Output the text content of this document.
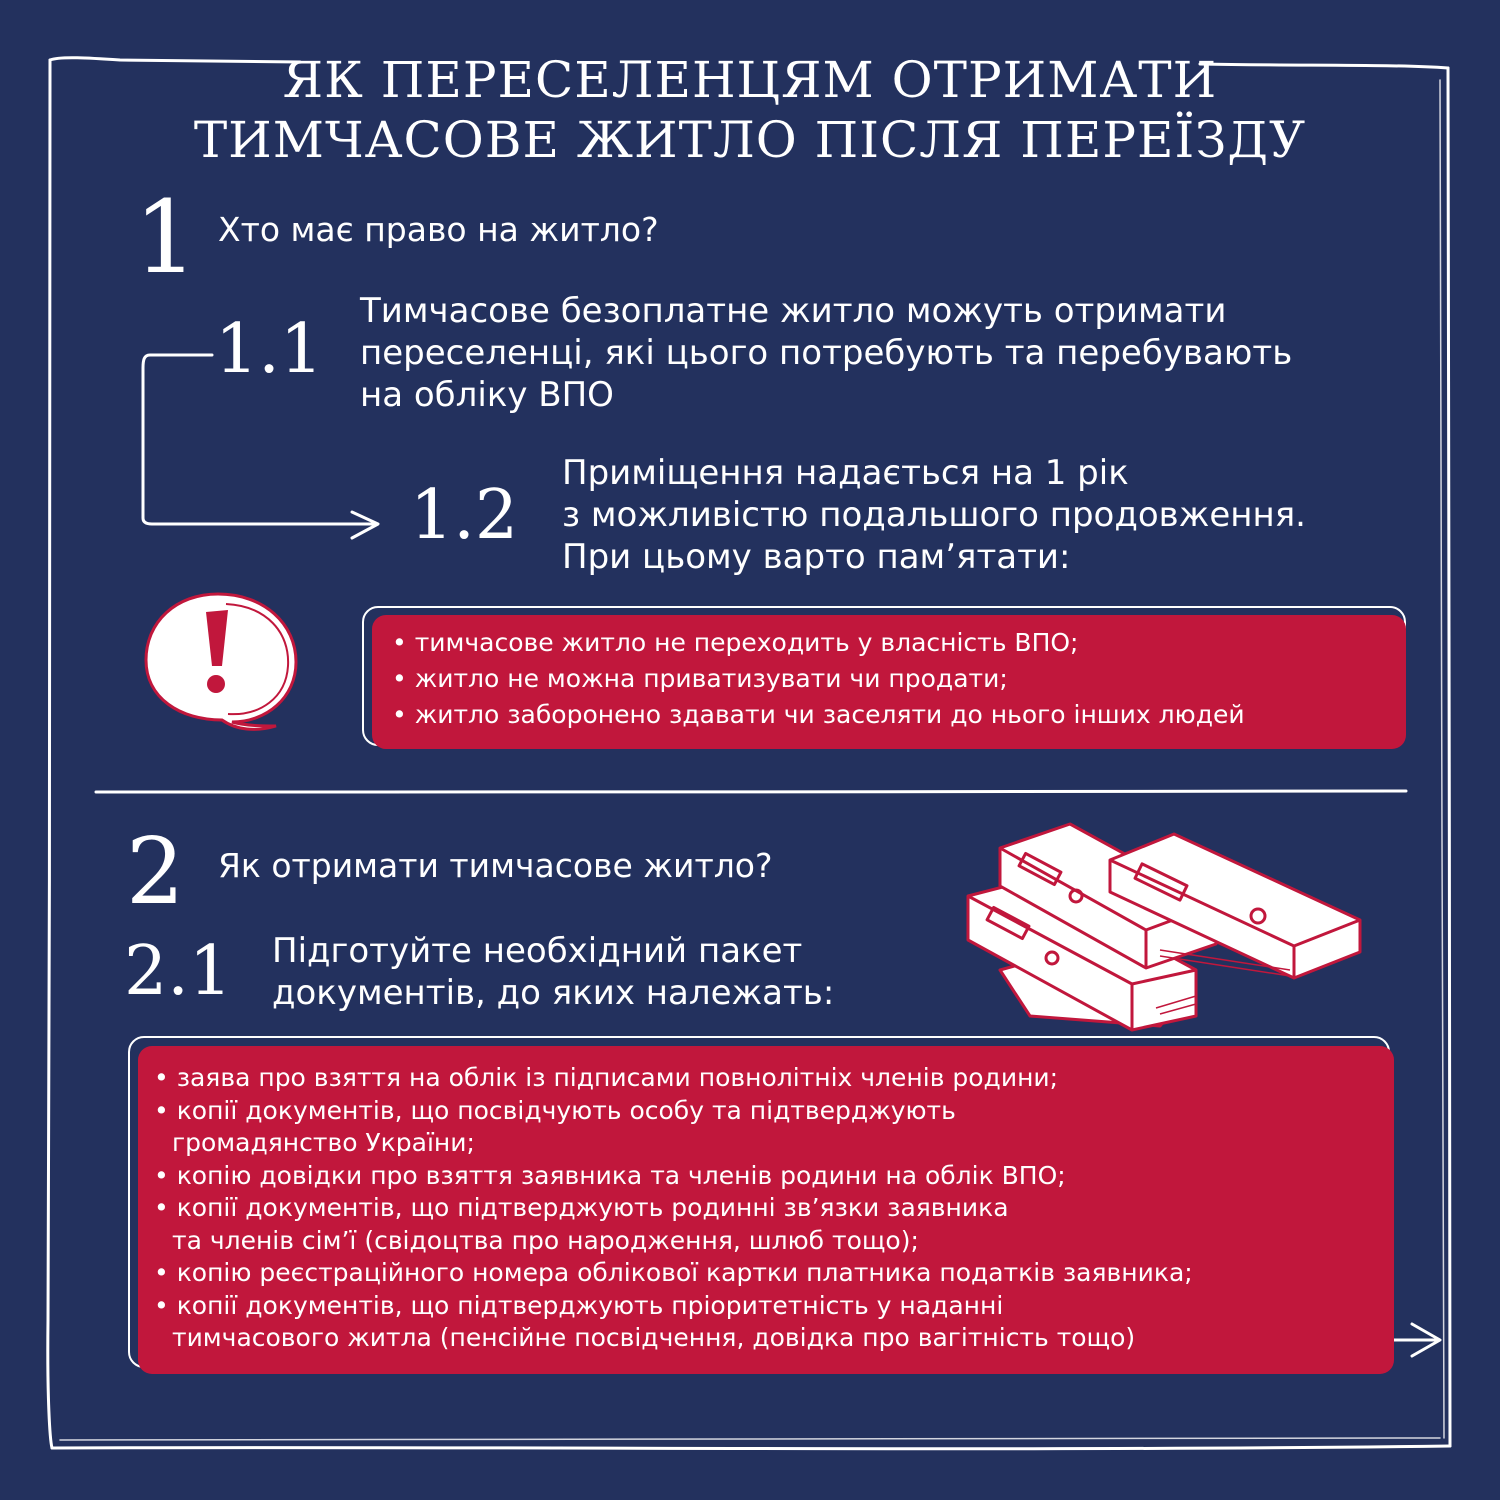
ЯК ПЕРЕСЕЛЕНЦЯМ ОТРИМАТИ
ТИМЧАСОВЕ ЖИТЛО ПІСЛЯ ПЕРЕЇЗДУ
1 Хто має право на житло?
1.1 Тимчасове безоплатне житло можуть отримати
переселенці, які цього потребують та перебувають
на обліку ВПО
1.2
Приміщення надається на 1 рік
з можливістю подальшого продовження.
При цьому варто пам’ятати:
• тимчасове житло не переходить у власність ВПО;
• житло не можна приватизувати чи продати;
• житло заборонено здавати чи заселяти до нього інших людей
2 Як отримати тимчасове житло?
2.1 Підготуйте необхідний пакет
документів, до яких належать:
• заява про взяття на облік із підписами повнолітніх членів родини;
• копії документів, що посвідчують особу та підтверджують
громадянство України;
• копію довідки про взяття заявника та членів родини на облік ВПО;
• копії документів, що підтверджують родинні зв’язки заявника
та членів сім’ї (свідоцтва про народження, шлюб тощо);
• копію реєстраційного номера облікової картки платника податків заявника;
• копії документів, що підтверджують пріоритетність у наданні
тимчасового житла (пенсійне посвідчення, довідка про вагітність тощо)
